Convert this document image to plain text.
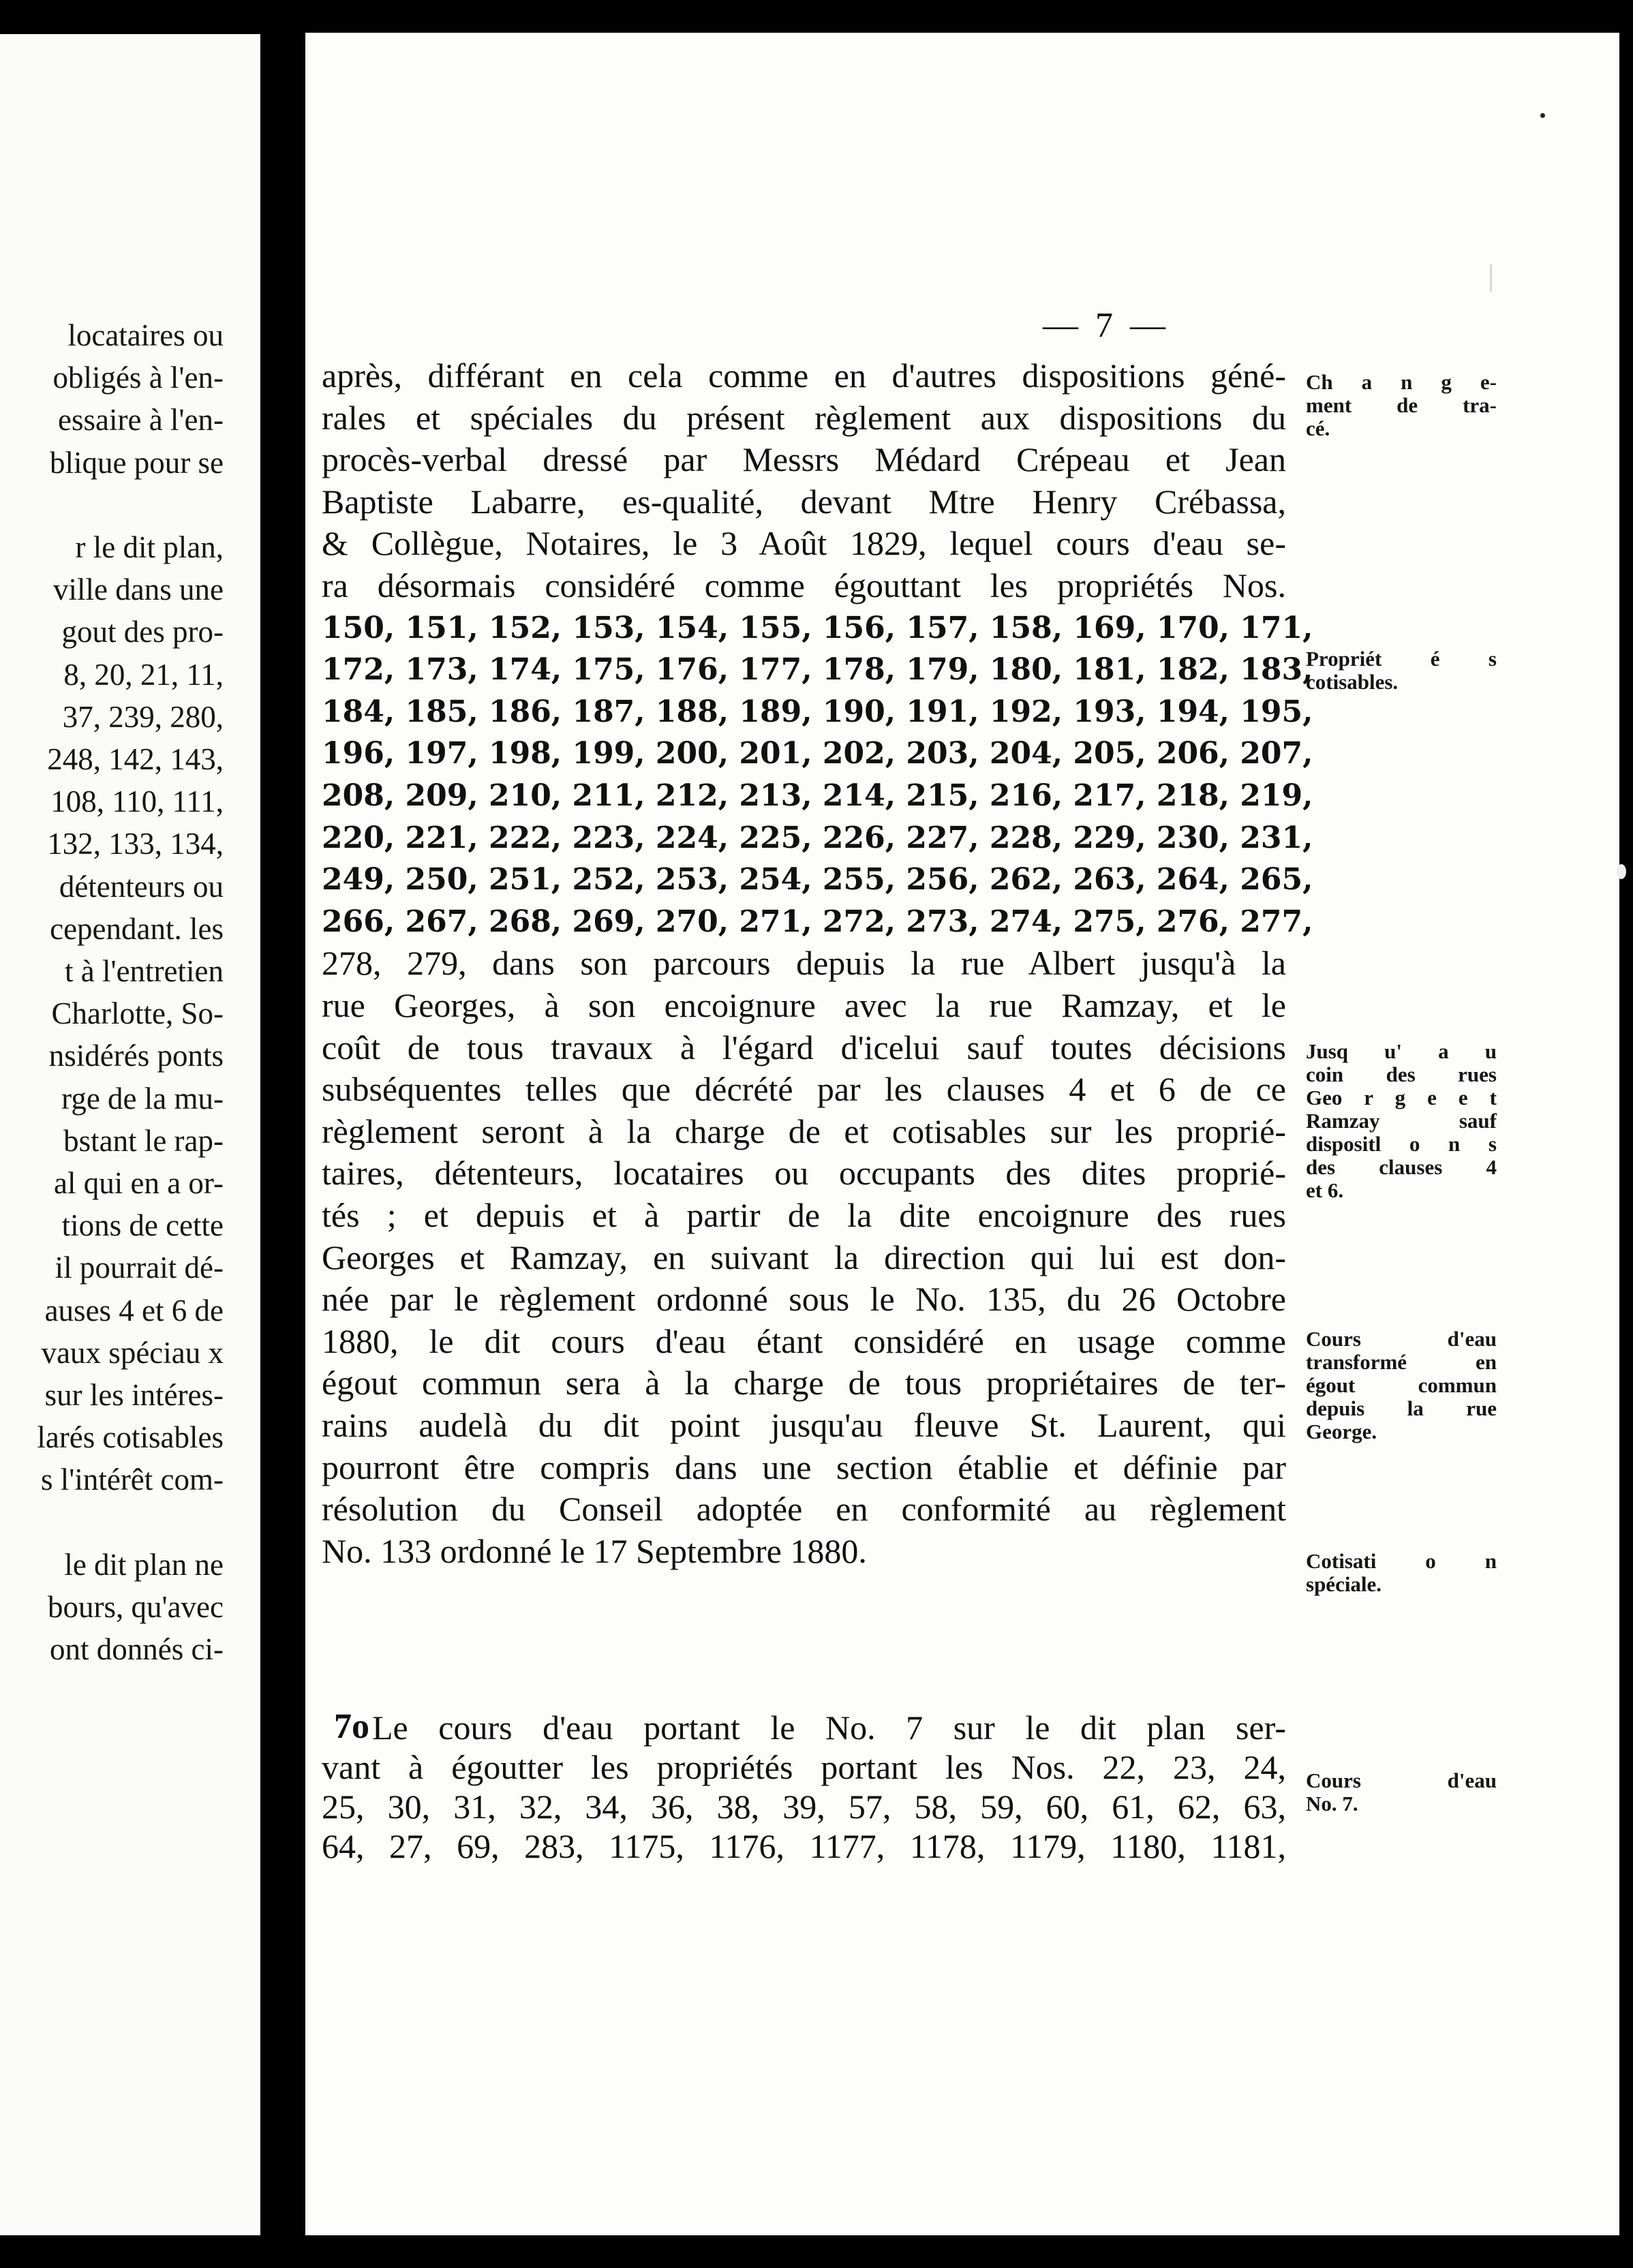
locataires ou
obligés à l'en-
essaire à l'en-
blique pour se
r le dit plan,
ville dans une
gout des pro-
8, 20, 21, 11,
37, 239, 280,
248, 142, 143,
108, 110, 111,
132, 133, 134,
détenteurs ou
cependant. les
t à l'entretien
Charlotte, So-
nsidérés ponts
rge de la mu-
bstant le rap-
al qui en a or-
tions de cette
il pourrait dé-
auses 4 et 6 de
vaux spéciau x
sur les intéres-
larés cotisables
s l'intérêt com-
le dit plan ne
bours, qu'avec
ont donnés ci-
— 7 —
après, différant en cela comme en d'autres dispositions géné-
rales et spéciales du présent règlement aux dispositions du
procès-verbal dressé par Messrs Médard Crépeau et Jean
Baptiste Labarre, es-qualité, devant Mtre Henry Crébassa,
& Collègue, Notaires, le 3 Août 1829, lequel cours d'eau se-
ra désormais considéré comme égouttant les propriétés Nos.
150, 151, 152, 153, 154, 155, 156, 157, 158, 169, 170, 171,
172, 173, 174, 175, 176, 177, 178, 179, 180, 181, 182, 183,
184, 185, 186, 187, 188, 189, 190, 191, 192, 193, 194, 195,
196, 197, 198, 199, 200, 201, 202, 203, 204, 205, 206, 207,
208, 209, 210, 211, 212, 213, 214, 215, 216, 217, 218, 219,
220, 221, 222, 223, 224, 225, 226, 227, 228, 229, 230, 231,
249, 250, 251, 252, 253, 254, 255, 256, 262, 263, 264, 265,
266, 267, 268, 269, 270, 271, 272, 273, 274, 275, 276, 277,
278, 279, dans son parcours depuis la rue Albert jusqu'à la
rue Georges, à son encoignure avec la rue Ramzay, et le
coût de tous travaux à l'égard d'icelui sauf toutes décisions
subséquentes telles que décrété par les clauses 4 et 6 de ce
règlement seront à la charge de et cotisables sur les proprié-
taires, détenteurs, locataires ou occupants des dites proprié-
tés ; et depuis et à partir de la dite encoignure des rues
Georges et Ramzay, en suivant la direction qui lui est don-
née par le règlement ordonné sous le No. 135, du 26 Octobre
1880, le dit cours d'eau étant considéré en usage comme
égout commun sera à la charge de tous propriétaires de ter-
rains audelà du dit point jusqu'au fleuve St. Laurent, qui
pourront être compris dans une section établie et définie par
résolution du Conseil adoptée en conformité au règlement
No. 133 ordonné le 17 Septembre 1880.
7o Le cours d'eau portant le No. 7 sur le dit plan ser-
vant à égoutter les propriétés portant les Nos. 22, 23, 24,
25, 30, 31, 32, 34, 36, 38, 39, 57, 58, 59, 60, 61, 62, 63,
64, 27, 69, 283, 1175, 1176, 1177, 1178, 1179, 1180, 1181,
Ch a n g e-
ment de tra-
cé.
Propriét é s
cotisables.
Jusq u' a u
coin des rues
Geo r g e e t
Ramzay sauf
dispositl o n s
des clauses 4
et 6.
Cours d'eau
transformé en
égout commun
depuis la rue
George.
Cotisati o n
spéciale.
Cours d'eau
No. 7.
